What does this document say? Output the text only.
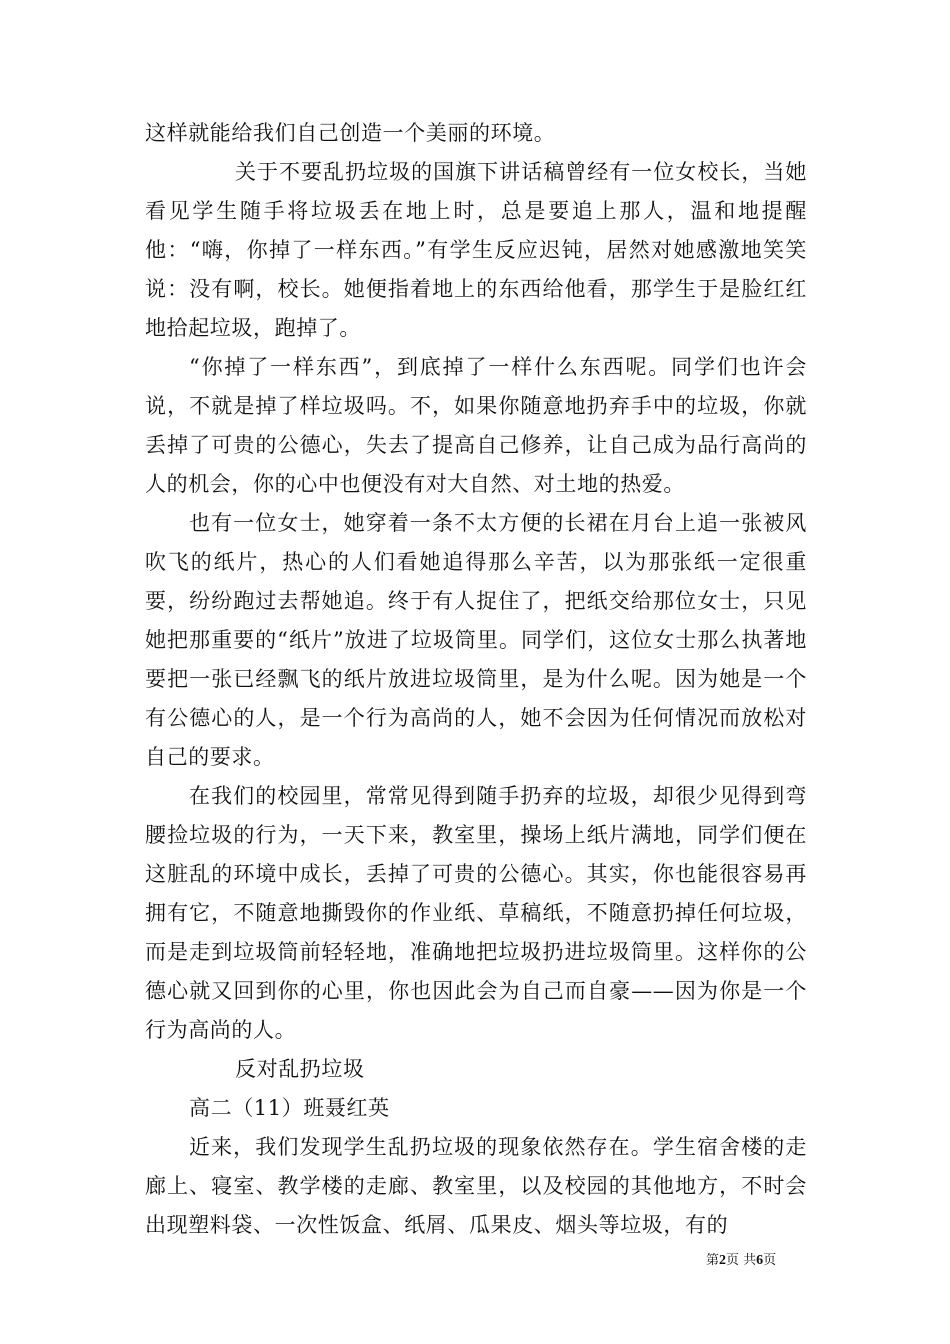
这样就能给我们自己创造一个美丽的环境。

关于不要乱扔垃圾的国旗下讲话稿曾经有一位女校长，当她看见学生随手将垃圾丢在地上时，总是要追上那人，温和地提醒他：“嗨，你掉了一样东西。”有学生反应迟钝，居然对她感激地笑笑说：没有啊，校长。她便指着地上的东西给他看，那学生于是脸红红地拾起垃圾，跑掉了。

“你掉了一样东西”，到底掉了一样什么东西呢。同学们也许会说，不就是掉了样垃圾吗。不，如果你随意地扔弃手中的垃圾，你就丢掉了可贵的公德心，失去了提高自己修养，让自己成为品行高尚的人的机会，你的心中也便没有对大自然、对土地的热爱。

也有一位女士，她穿着一条不太方便的长裙在月台上追一张被风吹飞的纸片，热心的人们看她追得那么辛苦，以为那张纸一定很重要，纷纷跑过去帮她追。终于有人捉住了，把纸交给那位女士，只见她把那重要的“纸片”放进了垃圾筒里。同学们，这位女士那么执著地要把一张已经飘飞的纸片放进垃圾筒里，是为什么呢。因为她是一个有公德心的人，是一个行为高尚的人，她不会因为任何情况而放松对自己的要求。

在我们的校园里，常常见得到随手扔弃的垃圾，却很少见得到弯腰捡垃圾的行为，一天下来，教室里，操场上纸片满地，同学们便在这脏乱的环境中成长，丢掉了可贵的公德心。其实，你也能很容易再拥有它，不随意地撕毁你的作业纸、草稿纸，不随意扔掉任何垃圾，而是走到垃圾筒前轻轻地，准确地把垃圾扔进垃圾筒里。这样你的公德心就又回到你的心里，你也因此会为自己而自豪——因为你是一个行为高尚的人。

反对乱扔垃圾

高二（11）班聂红英

近来，我们发现学生乱扔垃圾的现象依然存在。学生宿舍楼的走廊上、寝室、教学楼的走廊、教室里，以及校园的其他地方，不时会出现塑料袋、一次性饭盒、纸屑、瓜果皮、烟头等垃圾，有的

第2页 共6页
